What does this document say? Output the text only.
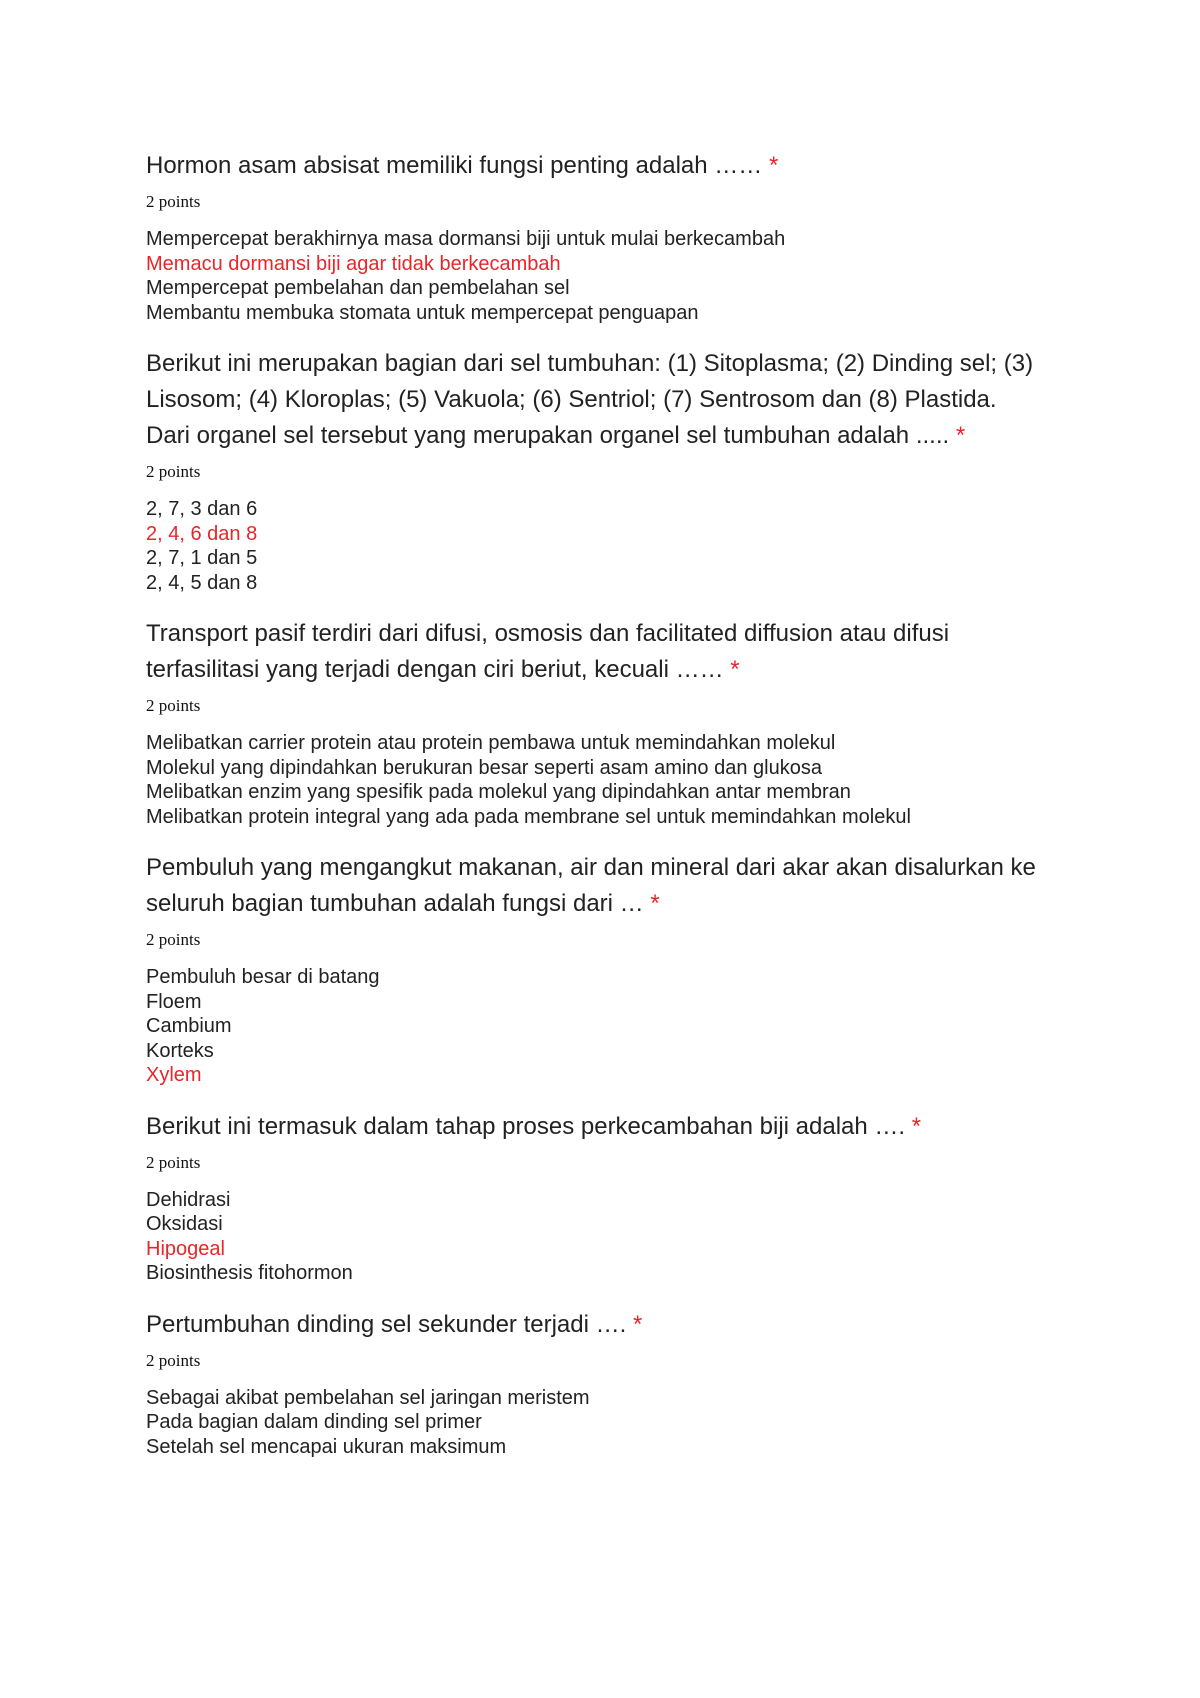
Hormon asam absisat memiliki fungsi penting adalah …… *
2 points
Mempercepat berakhirnya masa dormansi biji untuk mulai berkecambah
Memacu dormansi biji agar tidak berkecambah
Mempercepat pembelahan dan pembelahan sel
Membantu membuka stomata untuk mempercepat penguapan
Berikut ini merupakan bagian dari sel tumbuhan: (1) Sitoplasma; (2) Dinding sel; (3) Lisosom; (4) Kloroplas; (5) Vakuola; (6) Sentriol; (7) Sentrosom dan (8) Plastida. Dari organel sel tersebut yang merupakan organel sel tumbuhan adalah ..... *
2 points
2, 7, 3 dan 6
2, 4, 6 dan 8
2, 7, 1 dan 5
2, 4, 5 dan 8
Transport pasif terdiri dari difusi, osmosis dan facilitated diffusion atau difusi terfasilitasi yang terjadi dengan ciri beriut, kecuali …… *
2 points
Melibatkan carrier protein atau protein pembawa untuk memindahkan molekul
Molekul yang dipindahkan berukuran besar seperti asam amino dan glukosa
Melibatkan enzim yang spesifik pada molekul yang dipindahkan antar membran
Melibatkan protein integral yang ada pada membrane sel untuk memindahkan molekul
Pembuluh yang mengangkut makanan, air dan mineral dari akar akan disalurkan ke seluruh bagian tumbuhan adalah fungsi dari … *
2 points
Pembuluh besar di batang
Floem
Cambium
Korteks
Xylem
Berikut ini termasuk dalam tahap proses perkecambahan biji adalah …. *
2 points
Dehidrasi
Oksidasi
Hipogeal
Biosinthesis fitohormon
Pertumbuhan dinding sel sekunder terjadi …. *
2 points
Sebagai akibat pembelahan sel jaringan meristem
Pada bagian dalam dinding sel primer
Setelah sel mencapai ukuran maksimum
